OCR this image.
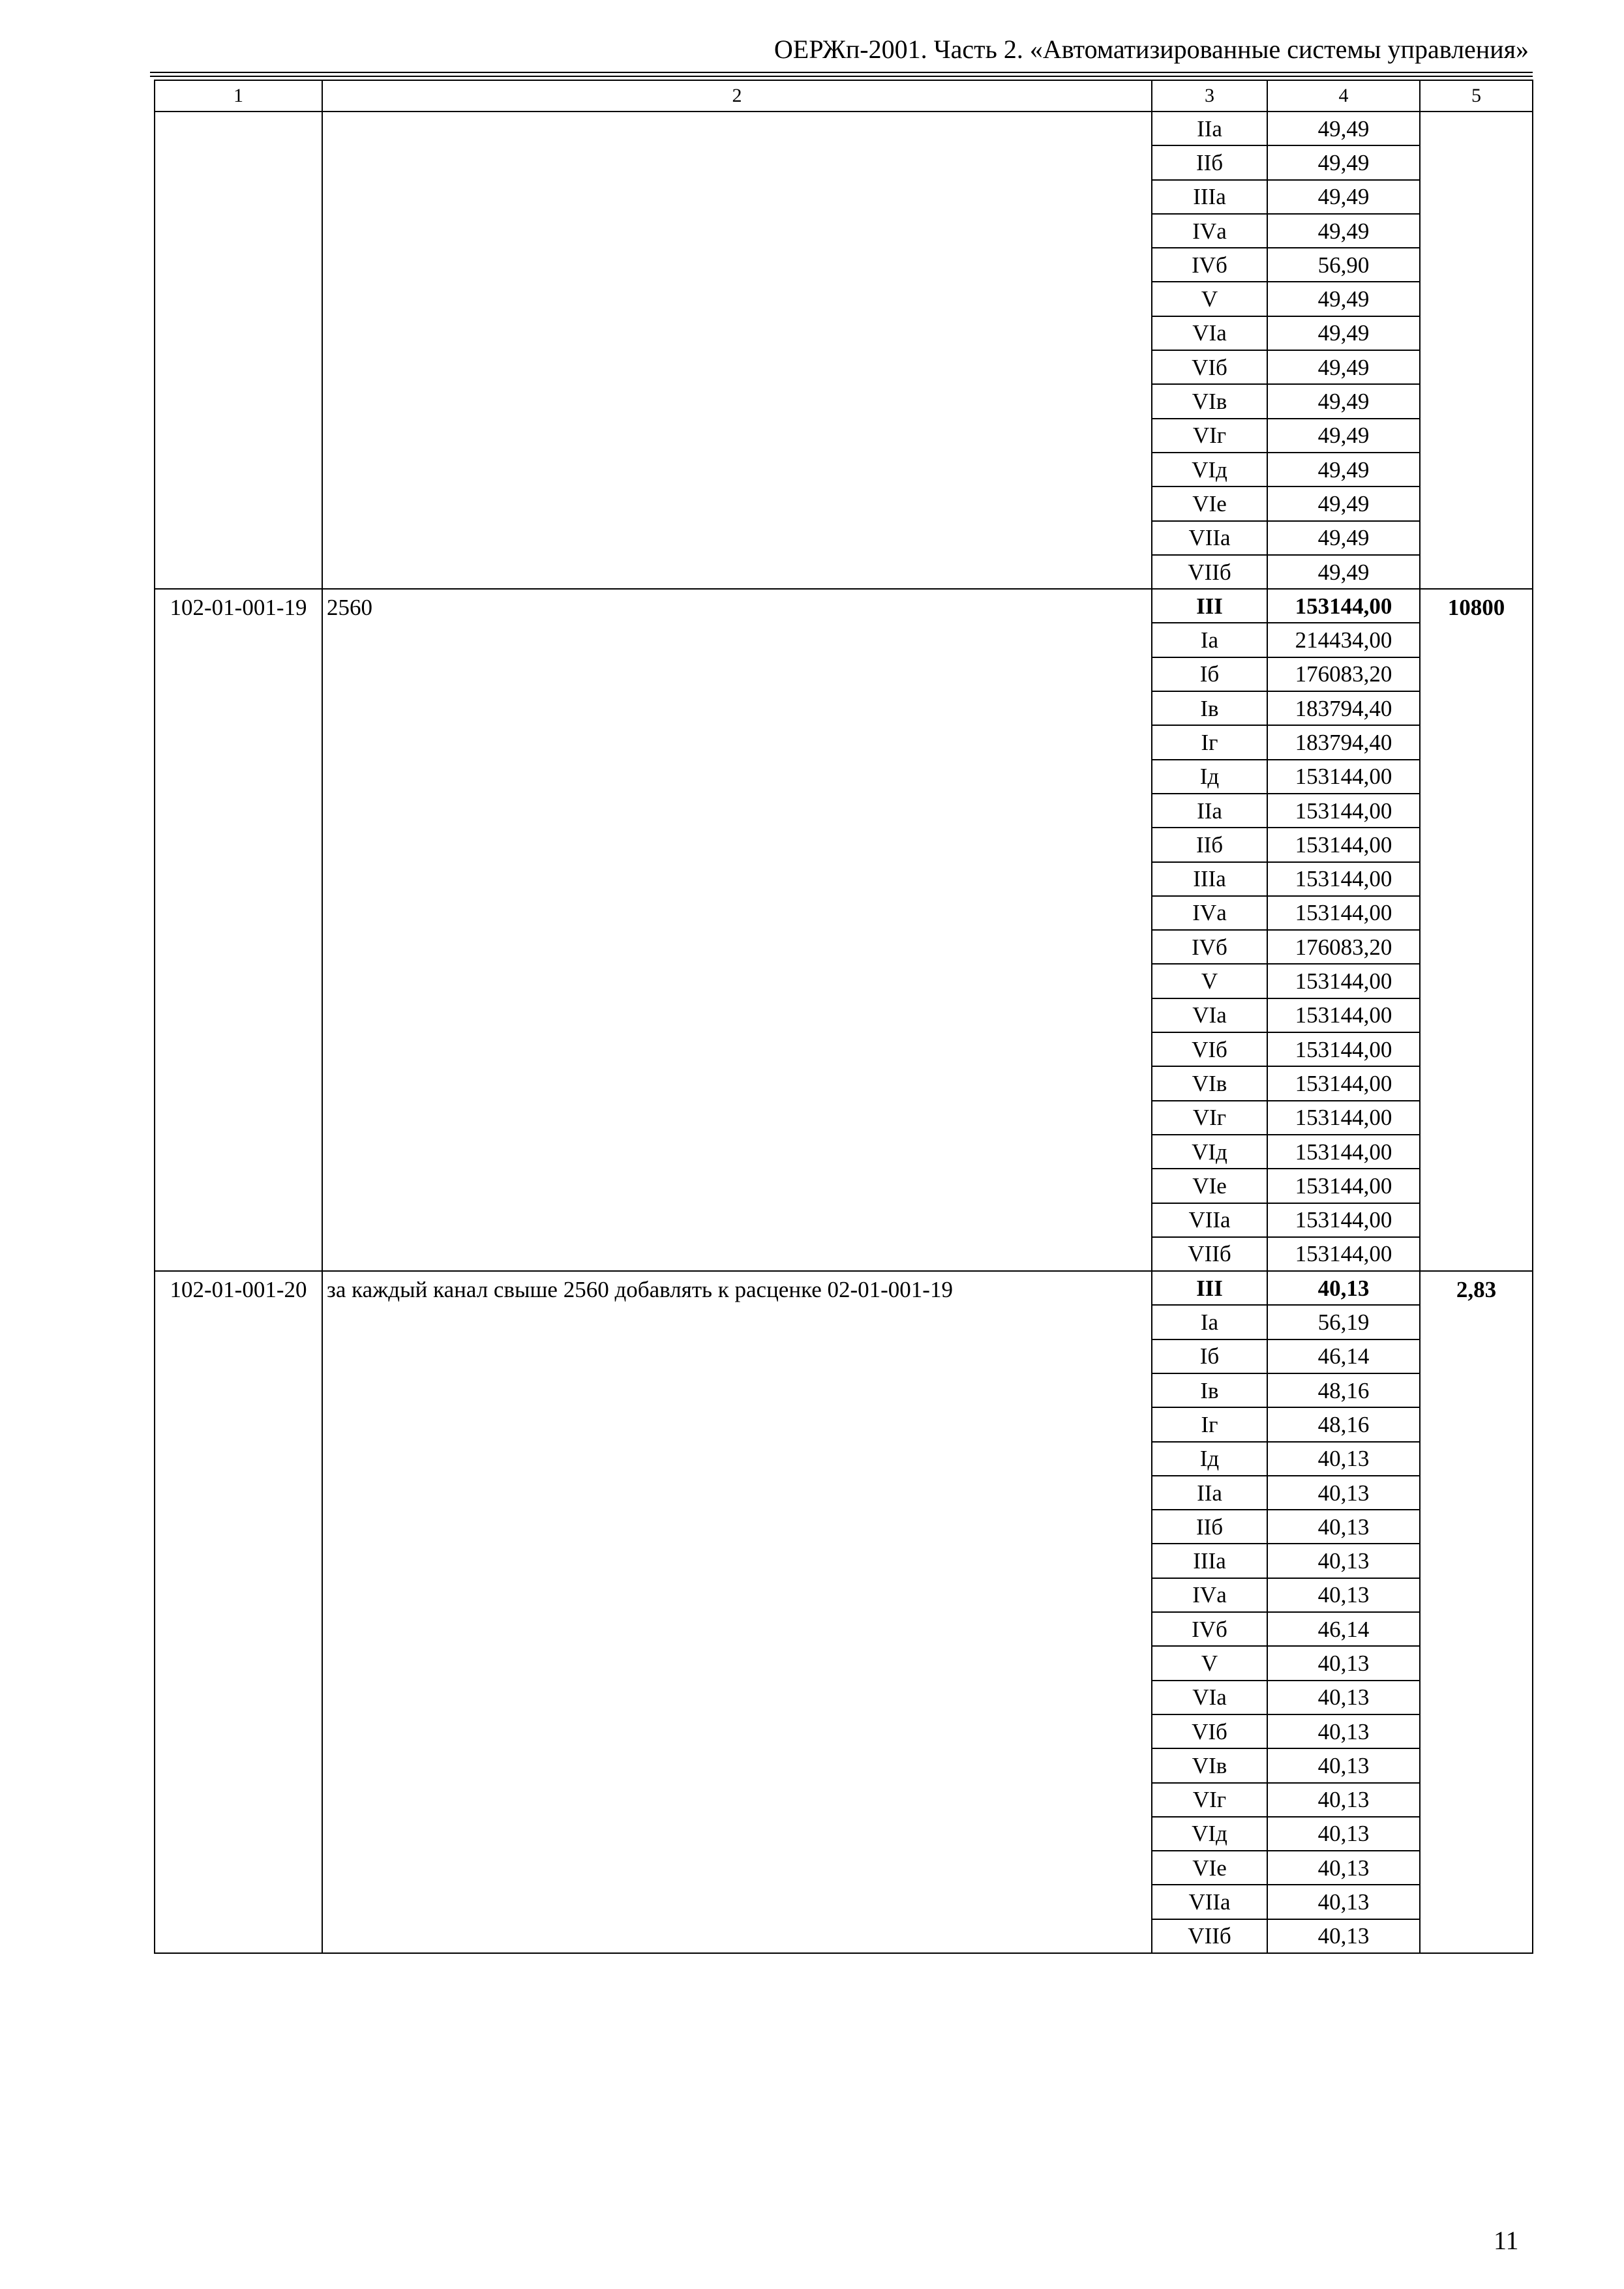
ОЕРЖп-2001. Часть 2. «Автоматизированные системы управления»
1	2	3	4	5
		IIа	49,49	
		IIб	49,49	
		IIIа	49,49	
		IVа	49,49	
		IVб	56,90	
		V	49,49	
		VIа	49,49	
		VIб	49,49	
		VIв	49,49	
		VIг	49,49	
		VIд	49,49	
		VIе	49,49	
		VIIа	49,49	
		VIIб	49,49	
102-01-001-19	2560	III	153144,00	10800
		Iа	214434,00	
		Iб	176083,20	
		Iв	183794,40	
		Iг	183794,40	
		Iд	153144,00	
		IIа	153144,00	
		IIб	153144,00	
		IIIа	153144,00	
		IVа	153144,00	
		IVб	176083,20	
		V	153144,00	
		VIа	153144,00	
		VIб	153144,00	
		VIв	153144,00	
		VIг	153144,00	
		VIд	153144,00	
		VIе	153144,00	
		VIIа	153144,00	
		VIIб	153144,00	
102-01-001-20	за каждый канал свыше 2560 добавлять к расценке 02-01-001-19	III	40,13	2,83
		Iа	56,19	
		Iб	46,14	
		Iв	48,16	
		Iг	48,16	
		Iд	40,13	
		IIа	40,13	
		IIб	40,13	
		IIIа	40,13	
		IVа	40,13	
		IVб	46,14	
		V	40,13	
		VIа	40,13	
		VIб	40,13	
		VIв	40,13	
		VIг	40,13	
		VIд	40,13	
		VIе	40,13	
		VIIа	40,13	
		VIIб	40,13	
11
